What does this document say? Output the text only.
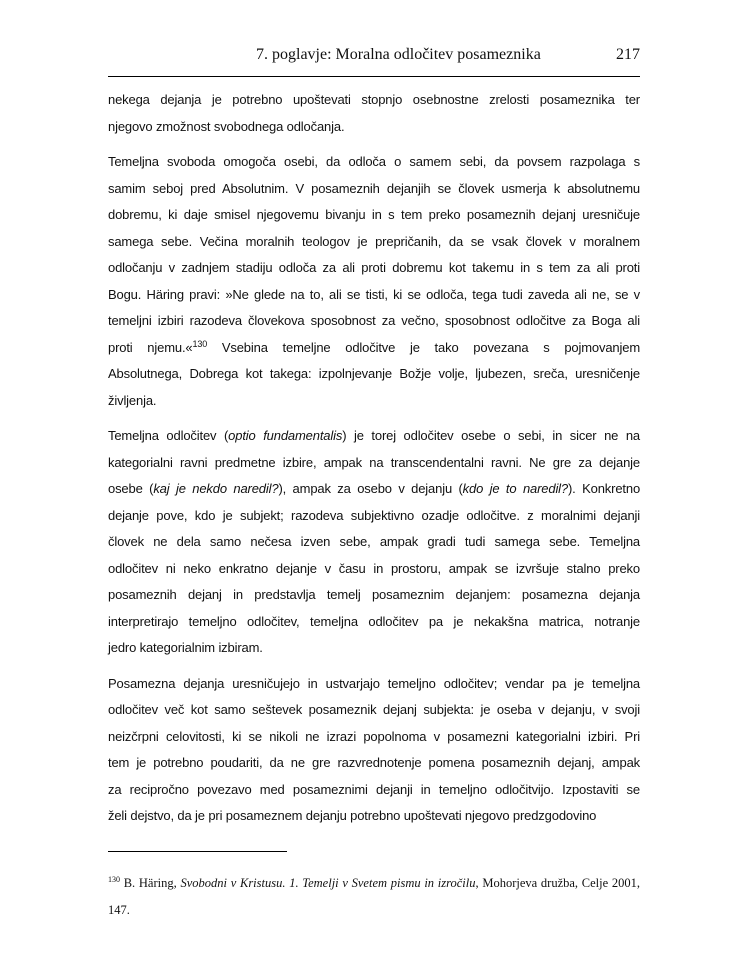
7. poglavje: Moralna odločitev posameznika	217
nekega dejanja je potrebno upoštevati stopnjo osebnostne zrelosti posameznika ter
njegovo zmožnost svobodnega odločanja.
Temeljna svoboda omogoča osebi, da odloča o samem sebi, da povsem razpolaga s
samim seboj pred Absolutnim. V posameznih dejanjih se človek usmerja k absolutnemu
dobremu, ki daje smisel njegovemu bivanju in s tem preko posameznih dejanj uresničuje
samega sebe. Večina moralnih teologov je prepričanih, da se vsak človek v moralnem
odločanju v zadnjem stadiju odloča za ali proti dobremu kot takemu in s tem za ali proti
Bogu. Häring pravi: »Ne glede na to, ali se tisti, ki se odloča, tega tudi zaveda ali ne, se v
temeljni izbiri razodeva človekova sposobnost za večno, sposobnost odločitve za Boga ali
proti njemu.«$^{130}$ Vsebina temeljne odločitve je tako povezana s pojmovanjem
Absolutnega, Dobrega kot takega: izpolnjevanje Božje volje, ljubezen, sreča, uresničenje
življenja.
Temeljna odločitev (optio fundamentalis) je torej odločitev osebe o sebi, in sicer ne na
kategorialni ravni predmetne izbire, ampak na transcendentalni ravni. Ne gre za dejanje
osebe (kaj je nekdo naredil?), ampak za osebo v dejanju (kdo je to naredil?). Konkretno
dejanje pove, kdo je subjekt; razodeva subjektivno ozadje odločitve. z moralnimi dejanji
človek ne dela samo nečesa izven sebe, ampak gradi tudi samega sebe. Temeljna
odločitev ni neko enkratno dejanje v času in prostoru, ampak se izvršuje stalno preko
posameznih dejanj in predstavlja temelj posameznim dejanjem: posamezna dejanja
interpretirajo temeljno odločitev, temeljna odločitev pa je nekakšna matrica, notranje
jedro kategorialnim izbiram.
Posamezna dejanja uresničujejo in ustvarjajo temeljno odločitev; vendar pa je temeljna
odločitev več kot samo seštevek posameznik dejanj subjekta: je oseba v dejanju, v svoji
neizčrpni celovitosti, ki se nikoli ne izrazi popolnoma v posamezni kategorialni izbiri. Pri
tem je potrebno poudariti, da ne gre razvrednotenje pomena posameznih dejanj, ampak
za recipročno povezavo med posameznimi dejanji in temeljno odločitvijo. Izpostaviti se
želi dejstvo, da je pri posameznem dejanju potrebno upoštevati njegovo predzgodovino
$^{130}$ B. Häring, Svobodni v Kristusu. 1. Temelji v Svetem pismu in izročilu, Mohorjeva družba, Celje 2001,
147.
